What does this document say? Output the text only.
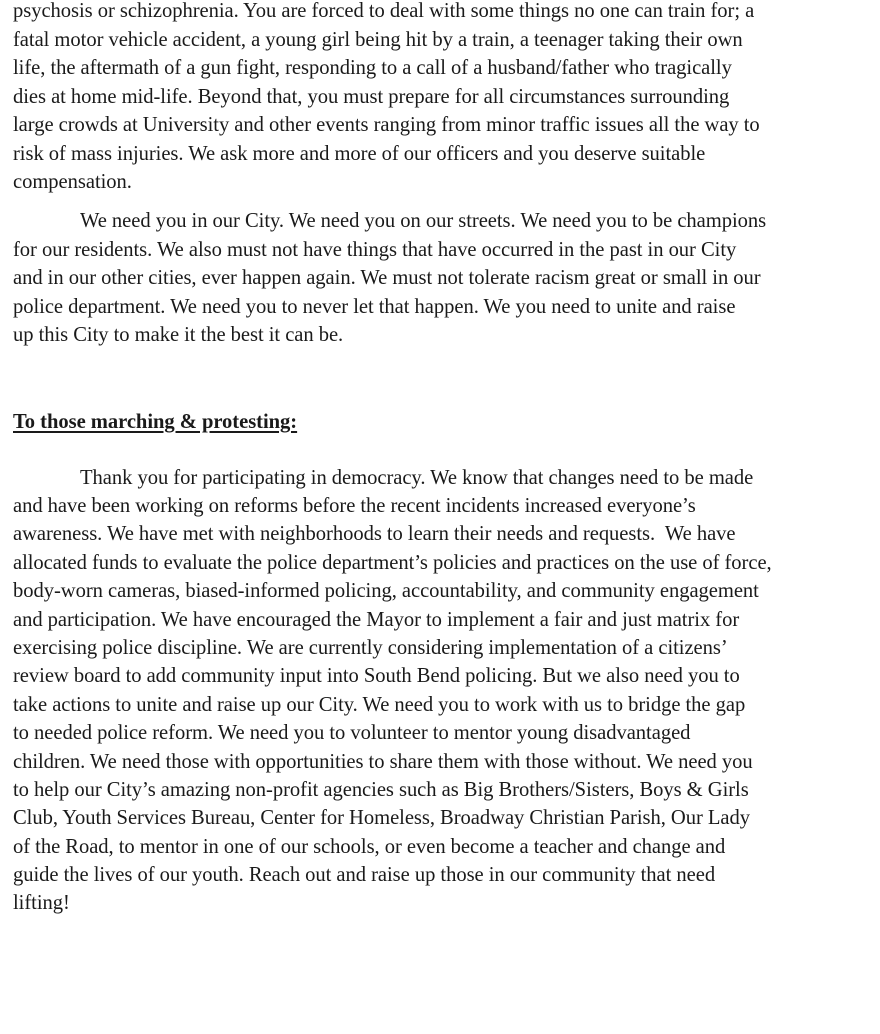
psychosis or schizophrenia. You are forced to deal with some things no one can train for; a
fatal motor vehicle accident, a young girl being hit by a train, a teenager taking their own
life, the aftermath of a gun fight, responding to a call of a husband/father who tragically
dies at home mid-life. Beyond that, you must prepare for all circumstances surrounding
large crowds at University and other events ranging from minor traffic issues all the way to
risk of mass injuries. We ask more and more of our officers and you deserve suitable
compensation.
We need you in our City. We need you on our streets. We need you to be champions
for our residents. We also must not have things that have occurred in the past in our City
and in our other cities, ever happen again. We must not tolerate racism great or small in our
police department. We need you to never let that happen. We you need to unite and raise
up this City to make it the best it can be.
To those marching & protesting:
Thank you for participating in democracy. We know that changes need to be made
and have been working on reforms before the recent incidents increased everyone’s
awareness. We have met with neighborhoods to learn their needs and requests.  We have
allocated funds to evaluate the police department’s policies and practices on the use of force,
body-worn cameras, biased-informed policing, accountability, and community engagement
and participation. We have encouraged the Mayor to implement a fair and just matrix for
exercising police discipline. We are currently considering implementation of a citizens’
review board to add community input into South Bend policing. But we also need you to
take actions to unite and raise up our City. We need you to work with us to bridge the gap
to needed police reform. We need you to volunteer to mentor young disadvantaged
children. We need those with opportunities to share them with those without. We need you
to help our City’s amazing non-profit agencies such as Big Brothers/Sisters, Boys & Girls
Club, Youth Services Bureau, Center for Homeless, Broadway Christian Parish, Our Lady
of the Road, to mentor in one of our schools, or even become a teacher and change and
guide the lives of our youth. Reach out and raise up those in our community that need
lifting!
